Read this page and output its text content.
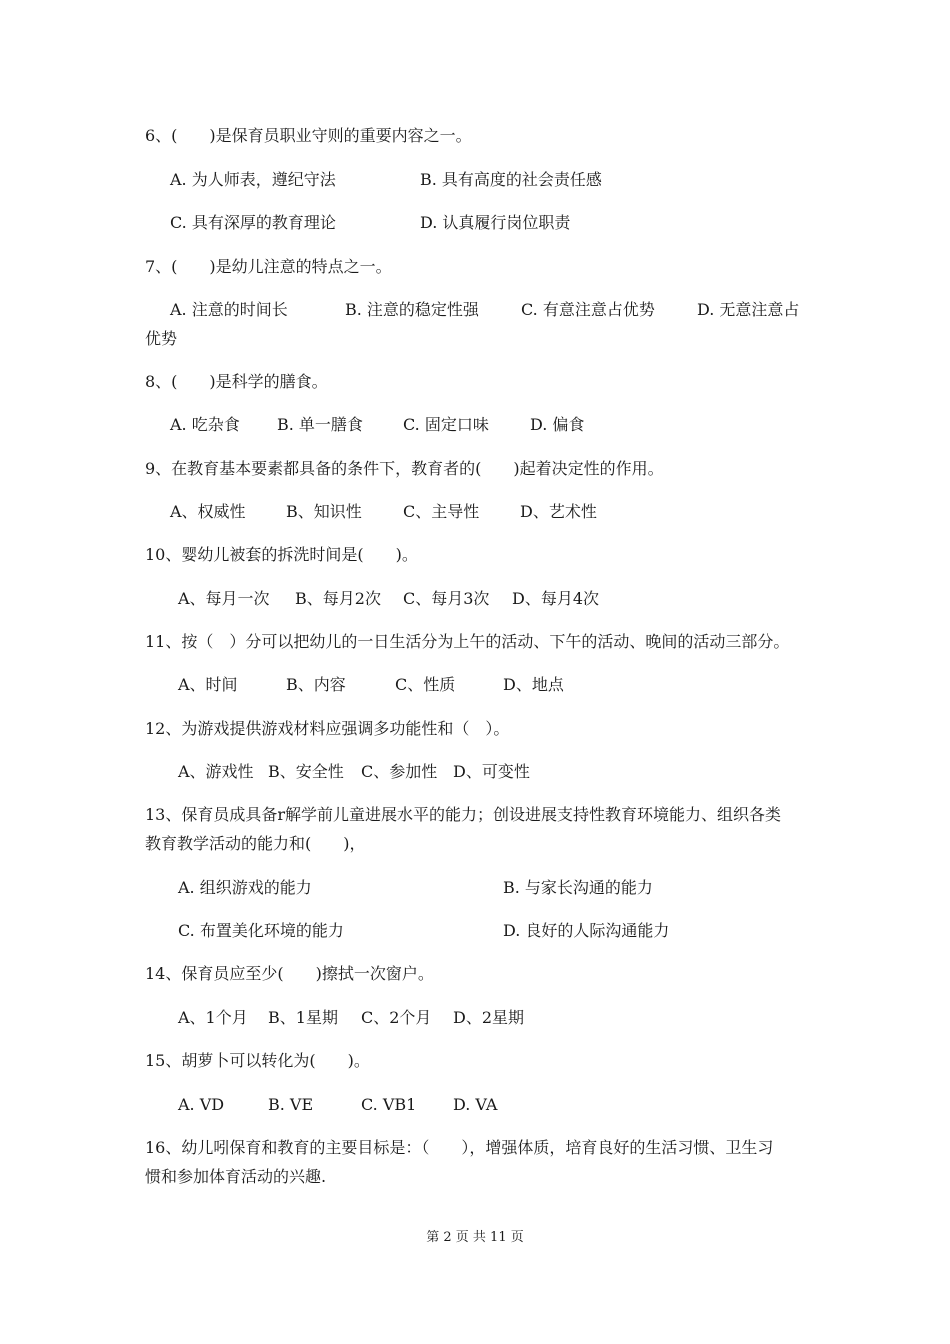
6、(　　)是保育员职业守则的重要内容之一。
A. 为人师表，遵纪守法	B. 具有高度的社会责任感
C. 具有深厚的教育理论	D. 认真履行岗位职责
7、(　　)是幼儿注意的特点之一。
A. 注意的时间长	B. 注意的稳定性强	C. 有意注意占优势	D. 无意注意占
优势
8、(　　)是科学的膳食。
A. 吃杂食 B. 单一膳食	C. 固定口味	D. 偏食
9、在教育基本要素都具备的条件下，教育者的(　　)起着决定性的作用。
A、权威性	B、知识性	C、主导性	D、艺术性
10、婴幼儿被套的拆洗时间是(　　)。
A、每月一次 B、每月2次 C、每月3次 D、每月4次
11、按（　）分可以把幼儿的一日生活分为上午的活动、下午的活动、晚间的活动三部分。
A、时间	B、内容	C、性质	D、地点
12、为游戏提供游戏材料应强调多功能性和（　）。
A、游戏性 B、安全性 C、参加性 D、可变性
13、保育员成具备r解学前儿童进展水平的能力；创设进展支持性教育环境能力、组织各类
教育教学活动的能力和(　　)，
A. 组织游戏的能力	B. 与家长沟通的能力
C. 布置美化环境的能力	D. 良好的人际沟通能力
14、保育员应至少(　　)擦拭一次窗户。
A、1个月 B、1星期 C、2个月 D、2星期
15、胡萝卜可以转化为(　　)。
A. VD	B. VE	C. VB1 D. VA
16、幼儿吲保育和教育的主要目标是：（　　），增强体质，培育良好的生活习惯、卫生习
惯和参加体育活动的兴趣.
第 2 页 共 11 页
